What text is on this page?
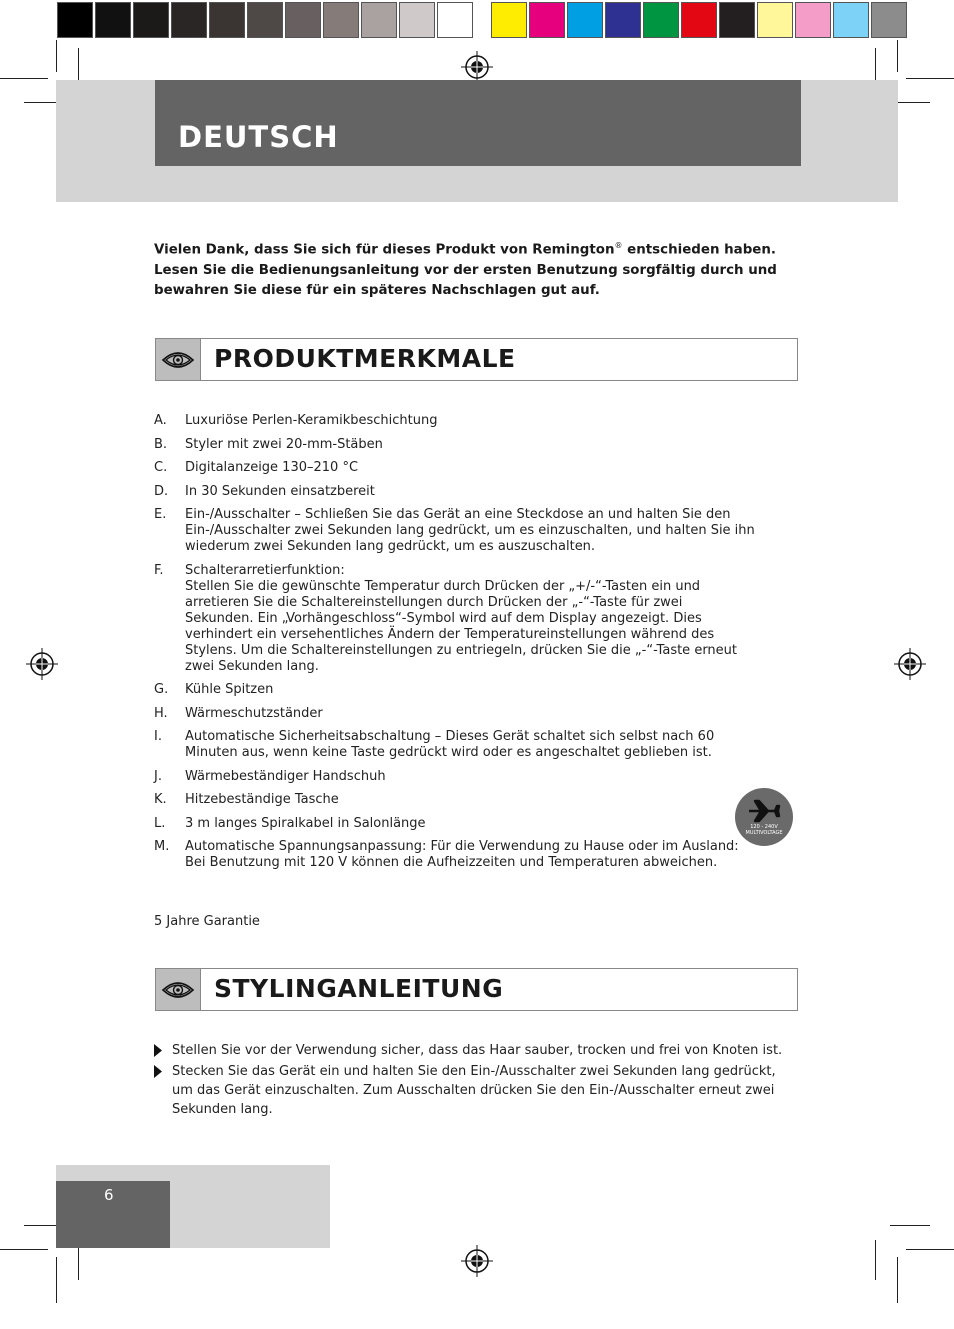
DEUTSCH
Vielen Dank, dass Sie sich für dieses Produkt von Remington® entschieden haben. Lesen Sie die Bedienungsanleitung vor der ersten Benutzung sorgfältig durch und bewahren Sie diese für ein späteres Nachschlagen gut auf.
PRODUKTMERKMALE
A.	Luxuriöse Perlen-Keramikbeschichtung
B.	Styler mit zwei 20-mm-Stäben
C.	Digitalanzeige 130–210 °C
D.	In 30 Sekunden einsatzbereit
E.	Ein-/Ausschalter – Schließen Sie das Gerät an eine Steckdose an und halten Sie den
Ein-/Ausschalter zwei Sekunden lang gedrückt, um es einzuschalten, und halten Sie ihn
wiederum zwei Sekunden lang gedrückt, um es auszuschalten.
F.	Schalterarretierfunktion:
Stellen Sie die gewünschte Temperatur durch Drücken der „+/-“-Tasten ein und
arretieren Sie die Schaltereinstellungen durch Drücken der „-“-Taste für zwei
Sekunden. Ein „Vorhängeschloss“-Symbol wird auf dem Display angezeigt. Dies
verhindert ein versehentliches Ändern der Temperatureinstellungen während des
Stylens. Um die Schaltereinstellungen zu entriegeln, drücken Sie die „-“-Taste erneut
zwei Sekunden lang.
G.	Kühle Spitzen
H.	Wärmeschutzständer
I.	Automatische Sicherheitsabschaltung – Dieses Gerät schaltet sich selbst nach 60
Minuten aus, wenn keine Taste gedrückt wird oder es angeschaltet geblieben ist.
J.	Wärmebeständiger Handschuh
K.	Hitzebeständige Tasche
L.	3 m langes Spiralkabel in Salonlänge
M.	Automatische Spannungsanpassung: Für die Verwendung zu Hause oder im Ausland:
Bei Benutzung mit 120 V können die Aufheizzeiten und Temperaturen abweichen.
120 - 240V
MULTIVOLTAGE
5 Jahre Garantie
STYLINGANLEITUNG
Stellen Sie vor der Verwendung sicher, dass das Haar sauber, trocken und frei von Knoten ist.
Stecken Sie das Gerät ein und halten Sie den Ein-/Ausschalter zwei Sekunden lang gedrückt, um das Gerät einzuschalten. Zum Ausschalten drücken Sie den Ein-/Ausschalter erneut zwei Sekunden lang.
6
